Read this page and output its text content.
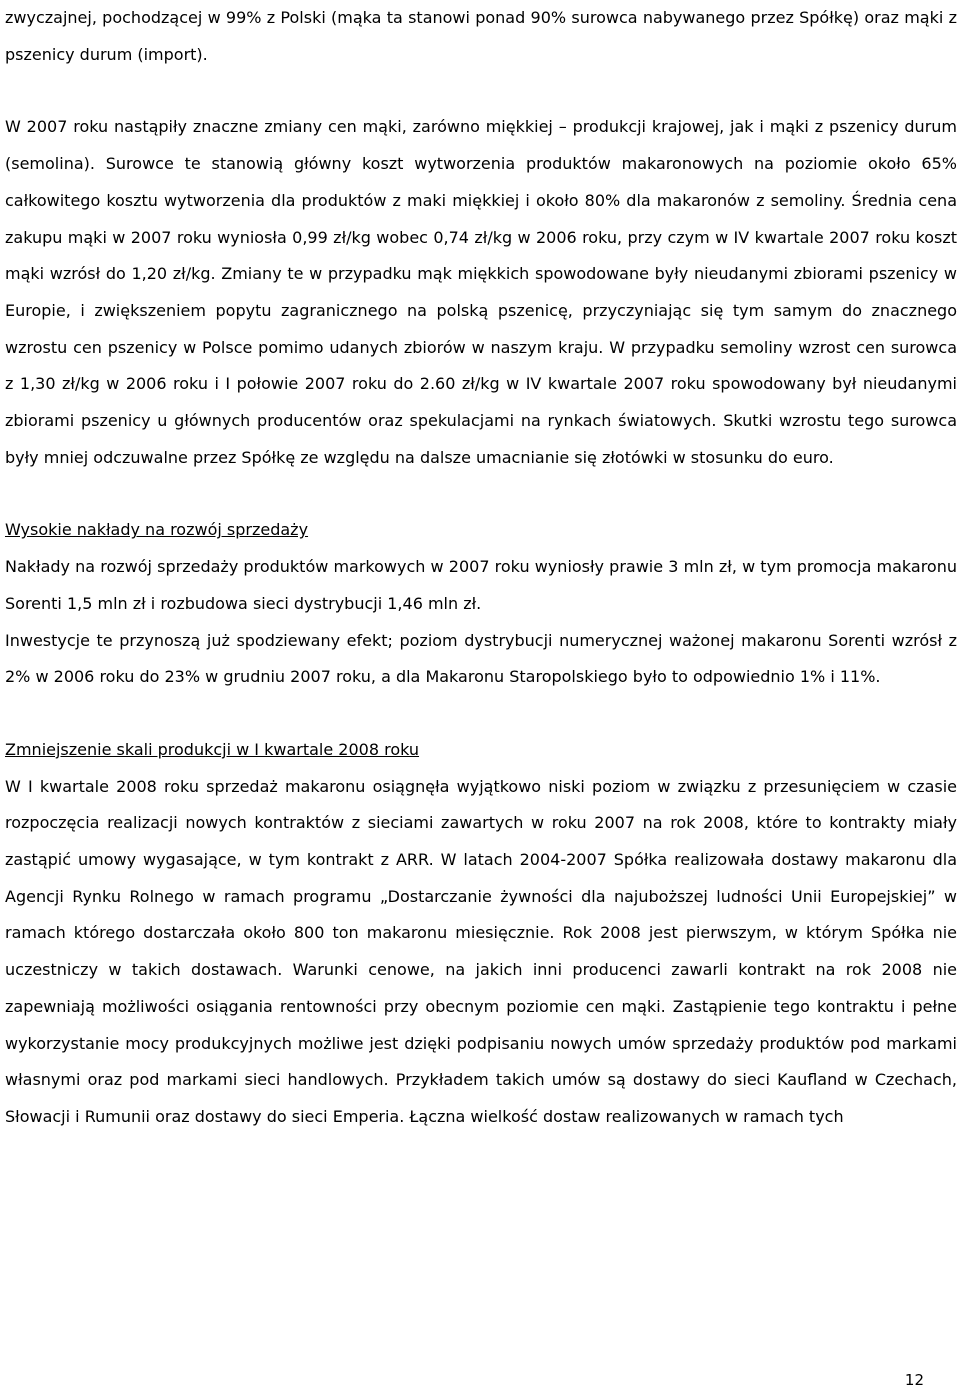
zwyczajnej, pochodzącej w 99% z Polski (mąka ta stanowi ponad 90% surowca nabywanego przez Spółkę) oraz mąki z pszenicy durum (import).

W 2007 roku nastąpiły znaczne zmiany cen mąki, zarówno miękkiej – produkcji krajowej, jak i mąki z pszenicy durum (semolina). Surowce te stanowią główny koszt wytworzenia produktów makaronowych na poziomie około 65% całkowitego kosztu wytworzenia dla produktów z maki miękkiej i około 80% dla makaronów z semoliny. Średnia cena zakupu mąki w 2007 roku wyniosła 0,99 zł/kg wobec 0,74 zł/kg w 2006 roku, przy czym w IV kwartale 2007 roku koszt mąki wzrósł do 1,20 zł/kg. Zmiany te w przypadku mąk miękkich spowodowane były nieudanymi zbiorami pszenicy w Europie, i zwiększeniem popytu zagranicznego na polską pszenicę, przyczyniając się tym samym do znacznego wzrostu cen pszenicy w Polsce pomimo udanych zbiorów w naszym kraju. W przypadku semoliny wzrost cen surowca z 1,30 zł/kg w 2006 roku i I połowie 2007 roku do 2.60 zł/kg w IV kwartale 2007 roku spowodowany był nieudanymi zbiorami pszenicy u głównych producentów oraz spekulacjami na rynkach światowych. Skutki wzrostu tego surowca były mniej odczuwalne przez Spółkę ze względu na dalsze umacnianie się złotówki w stosunku do euro.

Wysokie nakłady na rozwój sprzedaży

Nakłady na rozwój sprzedaży produktów markowych w 2007 roku wyniosły prawie 3 mln zł, w tym promocja makaronu Sorenti 1,5 mln zł i rozbudowa sieci dystrybucji 1,46 mln zł.

Inwestycje te przynoszą już spodziewany efekt; poziom dystrybucji numerycznej ważonej makaronu Sorenti wzrósł z 2% w 2006 roku do 23% w grudniu 2007 roku, a dla Makaronu Staropolskiego było to odpowiednio 1% i 11%.

Zmniejszenie skali produkcji w I kwartale 2008 roku

W I kwartale 2008 roku sprzedaż makaronu osiągnęła wyjątkowo niski poziom w związku z przesunięciem w czasie rozpoczęcia realizacji nowych kontraktów z sieciami zawartych w roku 2007 na rok 2008, które to kontrakty miały zastąpić umowy wygasające, w tym kontrakt z ARR. W latach 2004-2007 Spółka realizowała dostawy makaronu dla Agencji Rynku Rolnego w ramach programu „Dostarczanie żywności dla najuboższej ludności Unii Europejskiej” w ramach którego dostarczała około 800 ton makaronu miesięcznie. Rok 2008 jest pierwszym, w którym Spółka nie uczestniczy w takich dostawach. Warunki cenowe, na jakich inni producenci zawarli kontrakt na rok 2008 nie zapewniają możliwości osiągania rentowności przy obecnym poziomie cen mąki. Zastąpienie tego kontraktu i pełne wykorzystanie mocy produkcyjnych możliwe jest dzięki podpisaniu nowych umów sprzedaży produktów pod markami własnymi oraz pod markami sieci handlowych. Przykładem takich umów są dostawy do sieci Kaufland w Czechach, Słowacji i Rumunii oraz dostawy do sieci Emperia. Łączna wielkość dostaw realizowanych w ramach tych

12
